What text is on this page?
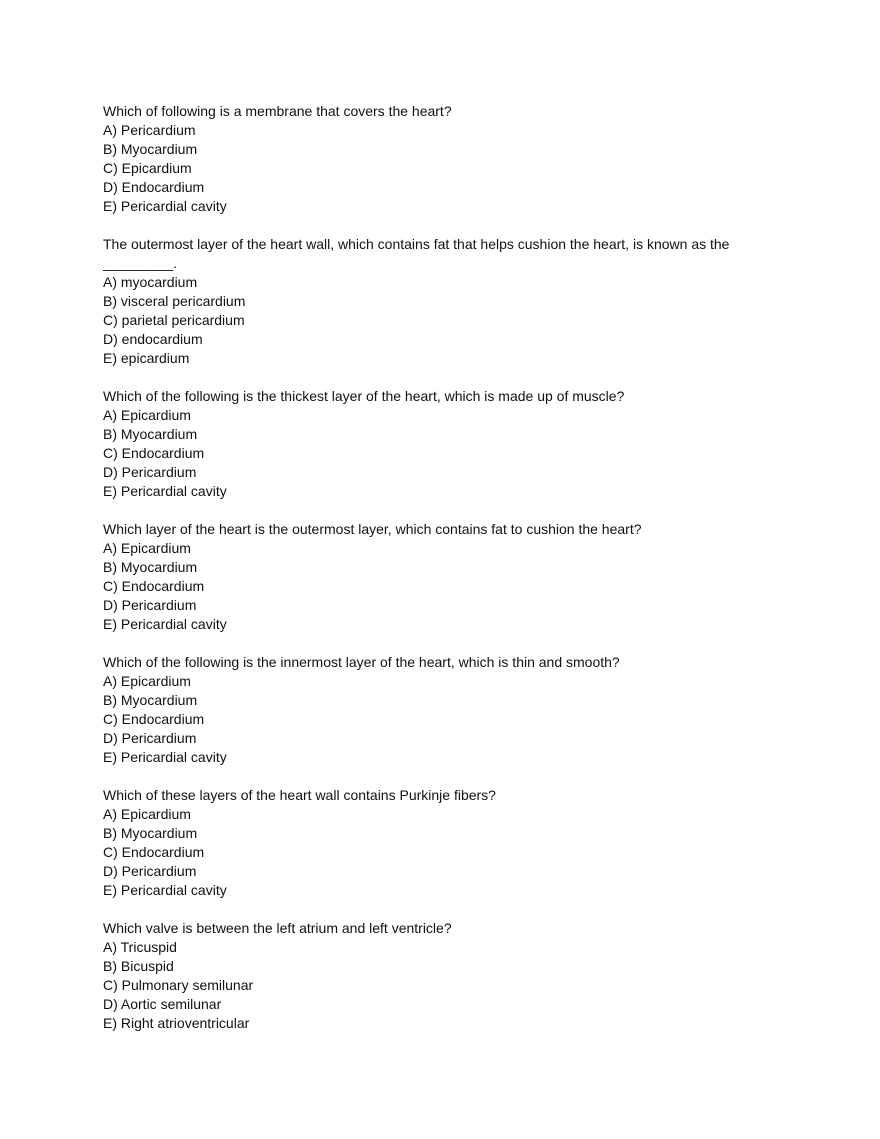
Which of following is a membrane that covers the heart?
A) Pericardium
B) Myocardium
C) Epicardium
D) Endocardium
E) Pericardial cavity
The outermost layer of the heart wall, which contains fat that helps cushion the heart, is known as the _________.
A) myocardium
B) visceral pericardium
C) parietal pericardium
D) endocardium
E) epicardium
Which of the following is the thickest layer of the heart, which is made up of muscle?
A) Epicardium
B) Myocardium
C) Endocardium
D) Pericardium
E) Pericardial cavity
Which layer of the heart is the outermost layer, which contains fat to cushion the heart?
A) Epicardium
B) Myocardium
C) Endocardium
D) Pericardium
E) Pericardial cavity
Which of the following is the innermost layer of the heart, which is thin and smooth?
A) Epicardium
B) Myocardium
C) Endocardium
D) Pericardium
E) Pericardial cavity
Which of these layers of the heart wall contains Purkinje fibers?
A) Epicardium
B) Myocardium
C) Endocardium
D) Pericardium
E) Pericardial cavity
Which valve is between the left atrium and left ventricle?
A) Tricuspid
B) Bicuspid
C) Pulmonary semilunar
D) Aortic semilunar
E) Right atrioventricular
